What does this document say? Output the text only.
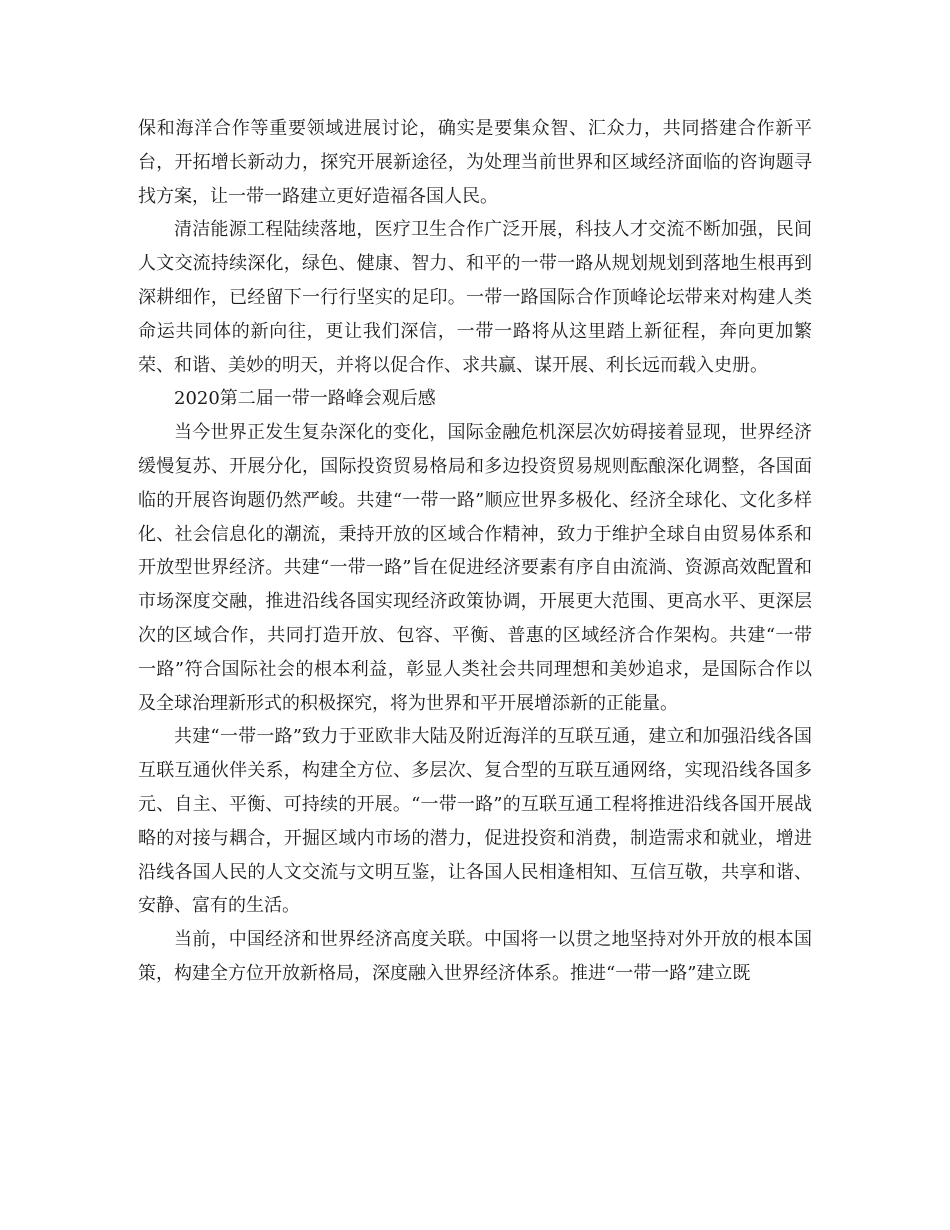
保和海洋合作等重要领域进展讨论，确实是要集众智、汇众力，共同搭建合作新平台，开拓增长新动力，探究开展新途径，为处理当前世界和区域经济面临的咨询题寻找方案，让一带一路建立更好造福各国人民。

清洁能源工程陆续落地，医疗卫生合作广泛开展，科技人才交流不断加强，民间人文交流持续深化，绿色、健康、智力、和平的一带一路从规划规划到落地生根再到深耕细作，已经留下一行行坚实的足印。一带一路国际合作顶峰论坛带来对构建人类命运共同体的新向往，更让我们深信，一带一路将从这里踏上新征程，奔向更加繁荣、和谐、美妙的明天，并将以促合作、求共赢、谋开展、利长远而载入史册。

2020第二届一带一路峰会观后感

当今世界正发生复杂深化的变化，国际金融危机深层次妨碍接着显现，世界经济缓慢复苏、开展分化，国际投资贸易格局和多边投资贸易规则酝酿深化调整，各国面临的开展咨询题仍然严峻。共建“一带一路”顺应世界多极化、经济全球化、文化多样化、社会信息化的潮流，秉持开放的区域合作精神，致力于维护全球自由贸易体系和开放型世界经济。共建“一带一路”旨在促进经济要素有序自由流淌、资源高效配置和市场深度交融，推进沿线各国实现经济政策协调，开展更大范围、更高水平、更深层次的区域合作，共同打造开放、包容、平衡、普惠的区域经济合作架构。共建“一带一路”符合国际社会的根本利益，彰显人类社会共同理想和美妙追求，是国际合作以及全球治理新形式的积极探究，将为世界和平开展增添新的正能量。

共建“一带一路”致力于亚欧非大陆及附近海洋的互联互通，建立和加强沿线各国互联互通伙伴关系，构建全方位、多层次、复合型的互联互通网络，实现沿线各国多元、自主、平衡、可持续的开展。“一带一路”的互联互通工程将推进沿线各国开展战略的对接与耦合，开掘区域内市场的潜力，促进投资和消费，制造需求和就业，增进沿线各国人民的人文交流与文明互鉴，让各国人民相逢相知、互信互敬，共享和谐、安静、富有的生活。

当前，中国经济和世界经济高度关联。中国将一以贯之地坚持对外开放的根本国策，构建全方位开放新格局，深度融入世界经济体系。推进“一带一路”建立既
